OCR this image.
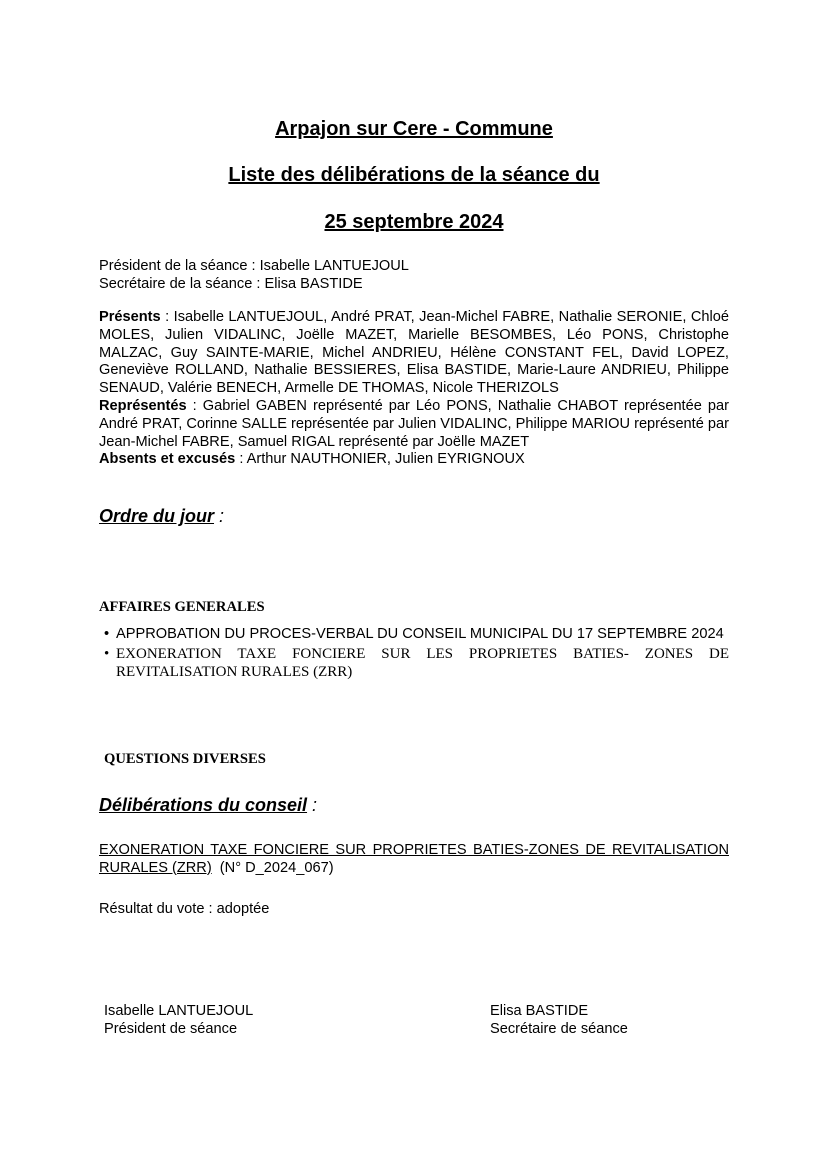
Arpajon sur Cere - Commune
Liste des délibérations de la séance du
25 septembre 2024
Président de la séance : Isabelle LANTUEJOUL
Secrétaire de la séance : Elisa BASTIDE
Présents : Isabelle LANTUEJOUL, André PRAT, Jean-Michel FABRE, Nathalie SERONIE, Chloé MOLES, Julien VIDALINC, Joëlle MAZET, Marielle BESOMBES, Léo PONS, Christophe MALZAC, Guy SAINTE-MARIE, Michel ANDRIEU, Hélène CONSTANT FEL, David LOPEZ, Geneviève ROLLAND, Nathalie BESSIERES, Elisa BASTIDE, Marie-Laure ANDRIEU, Philippe SENAUD, Valérie BENECH, Armelle DE THOMAS, Nicole THERIZOLS
Représentés : Gabriel GABEN représenté par Léo PONS, Nathalie CHABOT représentée par André PRAT, Corinne SALLE représentée par Julien VIDALINC, Philippe MARIOU représenté par Jean-Michel FABRE, Samuel RIGAL représenté par Joëlle MAZET
Absents et excusés : Arthur NAUTHONIER, Julien EYRIGNOUX
Ordre du jour :
AFFAIRES GENERALES
• APPROBATION DU PROCES-VERBAL DU CONSEIL MUNICIPAL DU 17 SEPTEMBRE 2024
• EXONERATION TAXE FONCIERE SUR LES PROPRIETES BATIES- ZONES DE REVITALISATION RURALES (ZRR)
QUESTIONS DIVERSES
Délibérations du conseil :
EXONERATION TAXE FONCIERE SUR PROPRIETES BATIES-ZONES DE REVITALISATION RURALES (ZRR)  (N° D_2024_067)
Résultat du vote : adoptée
Isabelle LANTUEJOUL
Président de séance
Elisa BASTIDE
Secrétaire de séance
